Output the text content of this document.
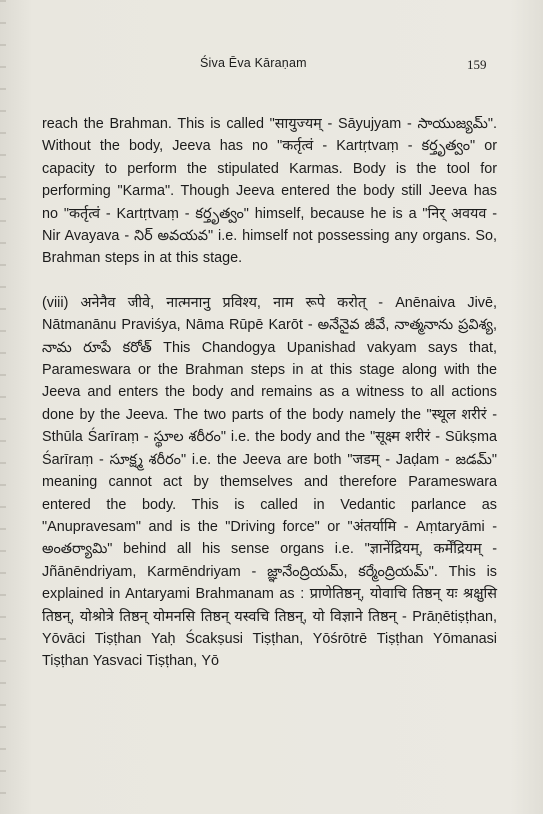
Śiva Ēva Kāraṇam	159

reach the Brahman. This is called "सायुज्यम् - Sāyujyam - సాయుజ్యమ్". Without the body, Jeeva has no "कर्तृत्वं - Kartṛtvaṃ - కర్తృత్వం" or capacity to perform the stipulated Karmas. Body is the tool for performing "Karma". Though Jeeva entered the body still Jeeva has no "कर्तृत्वं - Kartṛtvaṃ - కర్తృత్వం" himself, because he is a "निर् अवयव - Nir Avayava - నిర్ అవయవ" i.e. himself not possessing any organs. So, Brahman steps in at this stage.

(viii) अनेनैव जीवे, नात्मनानु प्रविश्य, नाम रूपे करोत् - Anēnaiva Jivē, Nātmanānu Praviśya, Nāma Rūpē Karōt - అనేనైవ జీవే, నాత్మనాను ప్రవిశ్య, నామ రూపే కరోత్ This Chandogya Upanishad vakyam says that, Parameswara or the Brahman steps in at this stage along with the Jeeva and enters the body and remains as a witness to all actions done by the Jeeva. The two parts of the body namely the "स्थूल शरीरं - Sthūla Śarīraṃ - స్థూల శరీరం" i.e. the body and the "सूक्ष्म शरीरं - Sūkṣma Śarīraṃ - సూక్ష్మ శరీరం" i.e. the Jeeva are both "जडम् - Jaḍam - జడమ్" meaning cannot act by themselves and therefore Parameswara entered the body. This is called in Vedantic parlance as "Anupravesam" and is the "Driving force" or "अंतर्यामि - Aṃtaryāmi - అంతర్యామి" behind all his sense organs i.e. "ज्ञानेंद्रियम्, कर्मेंद्रियम् - Jñānēndriyam, Karmēndriyam - జ్ఞానేంద్రియమ్, కర్మేంద్రియమ్". This is explained in Antaryami Brahmanam as : प्राणेतिष्ठन्, योवाचि तिष्ठन् यः श्रक्षुसि तिष्ठन्, योश्रोत्रे तिष्ठन् योमनसि तिष्ठन् यस्वचि तिष्ठन्, यो विज्ञाने तिष्ठन् - Prāṇētiṣṭhan, Yōvāci Tiṣṭhan Yaḥ Ścakṣusi Tiṣṭhan, Yōśrōtrē Tiṣṭhan Yōmanasi Tiṣṭhan Yasvaci Tiṣṭhan, Yō
